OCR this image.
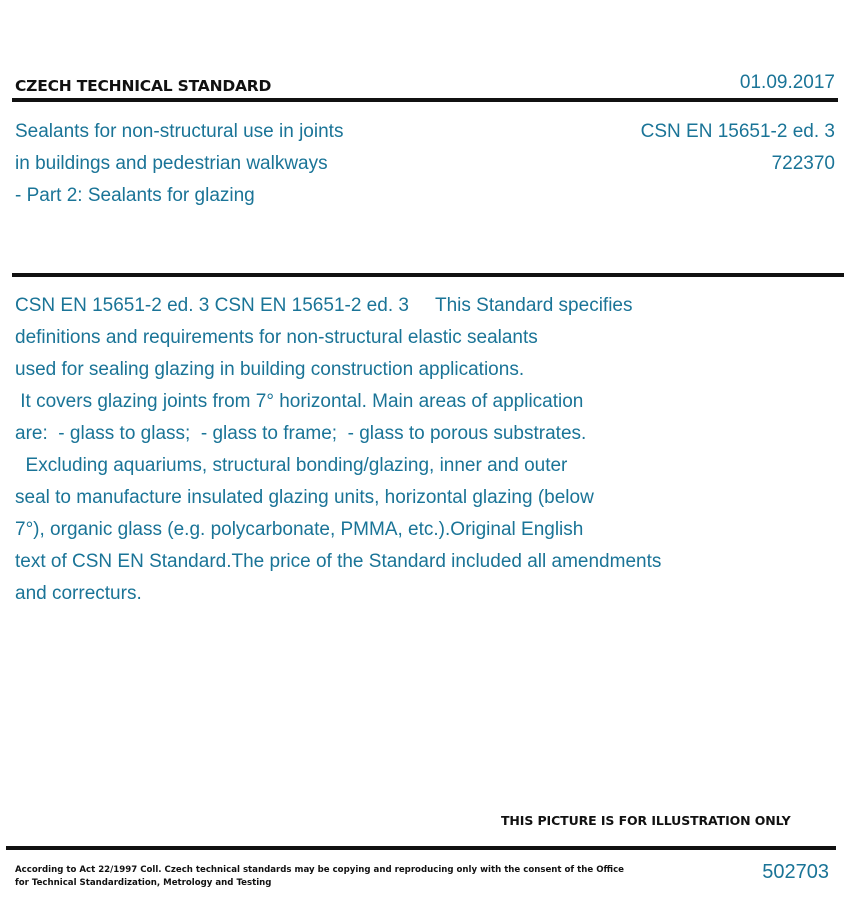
CZECH TECHNICAL STANDARD	01.09.2017
Sealants for non-structural use in joints
in buildings and pedestrian walkways
- Part 2: Sealants for glazing
CSN EN 15651-2 ed. 3
722370
CSN EN 15651-2 ed. 3 CSN EN 15651-2 ed. 3     This Standard specifies
definitions and requirements for non-structural elastic sealants
used for sealing glazing in building construction applications.
It covers glazing joints from 7° horizontal. Main areas of application
are:  - glass to glass;  - glass to frame;  - glass to porous substrates.
Excluding aquariums, structural bonding/glazing, inner and outer
seal to manufacture insulated glazing units, horizontal glazing (below
7°), organic glass (e.g. polycarbonate, PMMA, etc.).Original English
text of CSN EN Standard.The price of the Standard included all amendments
and correcturs.
THIS PICTURE IS FOR ILLUSTRATION ONLY
According to Act 22/1997 Coll. Czech technical standards may be copying and reproducing only with the consent of the Office
for Technical Standardization, Metrology and Testing	502703
